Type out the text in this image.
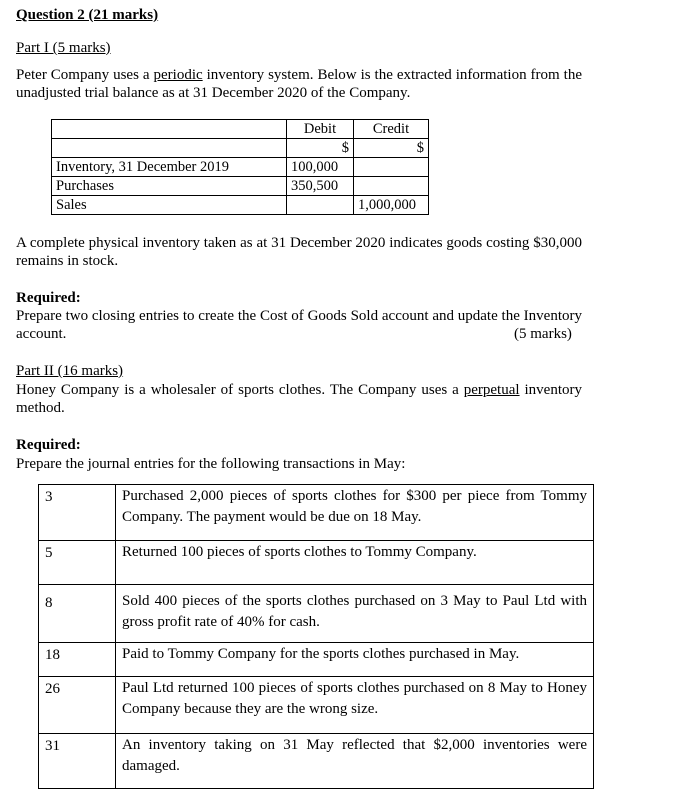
Question 2 (21 marks)
Part I (5 marks)
Peter Company uses a periodic inventory system. Below is the extracted information from the unadjusted trial balance as at 31 December 2020 of the Company.
	Debit	Credit
	$	$
Inventory, 31 December 2019	100,000	
Purchases	350,500	
Sales		1,000,000
A complete physical inventory taken as at 31 December 2020 indicates goods costing $30,000 remains in stock.
Required:
Prepare two closing entries to create the Cost of Goods Sold account and update the Inventory account.	(5 marks)
Part II (16 marks)
Honey Company is a wholesaler of sports clothes. The Company uses a perpetual inventory method.
Required:
Prepare the journal entries for the following transactions in May:
3	Purchased 2,000 pieces of sports clothes for $300 per piece from Tommy Company. The payment would be due on 18 May.
5	Returned 100 pieces of sports clothes to Tommy Company.
8	Sold 400 pieces of the sports clothes purchased on 3 May to Paul Ltd with gross profit rate of 40% for cash.
18	Paid to Tommy Company for the sports clothes purchased in May.
26	Paul Ltd returned 100 pieces of sports clothes purchased on 8 May to Honey Company because they are the wrong size.
31	An inventory taking on 31 May reflected that $2,000 inventories were damaged.
